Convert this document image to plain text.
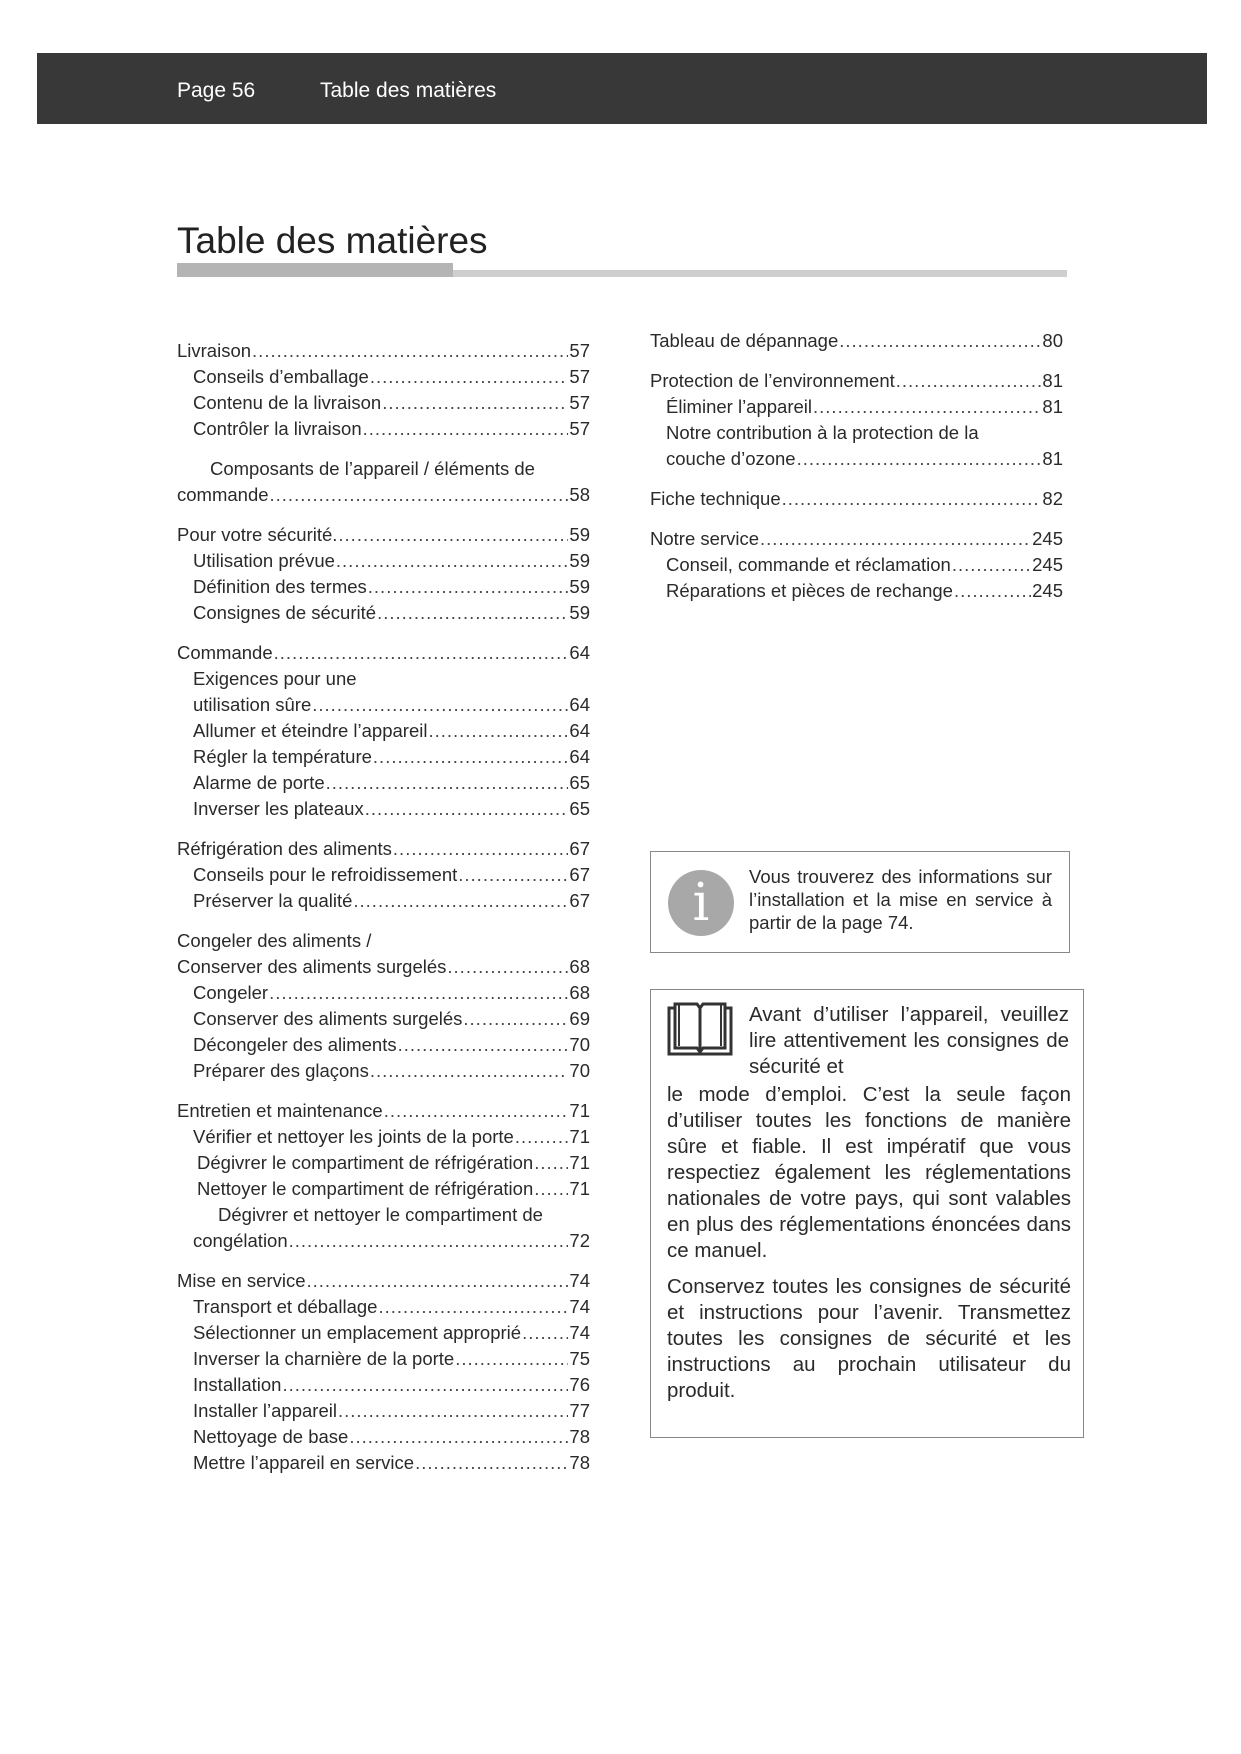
Page 56	Table des matières
Table des matières
Livraison .....	57
Conseils d’emballage .....	57
Contenu de la livraison .....	57
Contrôler la livraison .....	57
Composants de l’appareil / éléments de
commande .....	58
Pour votre sécurité. .....	59
Utilisation prévue .....	59
Définition des termes .....	59
Consignes de sécurité .....	59
Commande .....	64
Exigences pour une
utilisation sûre .....	64
Allumer et éteindre l’appareil .....	64
Régler la température .....	64
Alarme de porte .....	65
Inverser les plateaux .....	65
Réfrigération des aliments .....	67
Conseils pour le refroidissement .....	67
Préserver la qualité .....	67
Congeler des aliments /
Conserver des aliments surgelés .....	68
Congeler .....	68
Conserver des aliments surgelés .....	69
Décongeler des aliments .....	70
Préparer des glaçons .....	70
Entretien et maintenance .....	71
Vérifier et nettoyer les joints de la porte .....	71
Dégivrer le compartiment de réfrigération ..... 71
Nettoyer le compartiment de réfrigération ..... 71
Dégivrer et nettoyer le compartiment de
congélation .....	72
Mise en service .....	74
Transport et déballage .....	74
Sélectionner un emplacement approprié .....	74
Inverser la charnière de la porte .....	75
Installation .....	76
Installer l’appareil .....	77
Nettoyage de base .....	78
Mettre l’appareil en service .....	78
Tableau de dépannage .....	80
Protection de l’environnement .....	81
Éliminer l’appareil .....	81
Notre contribution à la protection de la
couche d’ozone .....	81
Fiche technique .....	82
Notre service .....	245
Conseil, commande et réclamation .....	245
Réparations et pièces de rechange .....	245
i	Vous trouverez des informations sur l’installation et la mise en service à partir de la page 74.
Avant d’utiliser l’appareil, veuillez lire attentivement les consignes de sécurité et
le mode d’emploi. C’est la seule façon d’utiliser toutes les fonctions de manière sûre et fiable. Il est impératif que vous respectiez également les réglementations nationales de votre pays, qui sont valables en plus des réglementations énoncées dans ce manuel.
Conservez toutes les consignes de sécurité et instructions pour l’avenir. Transmettez toutes les consignes de sécurité et les instructions au prochain utilisateur du produit.
